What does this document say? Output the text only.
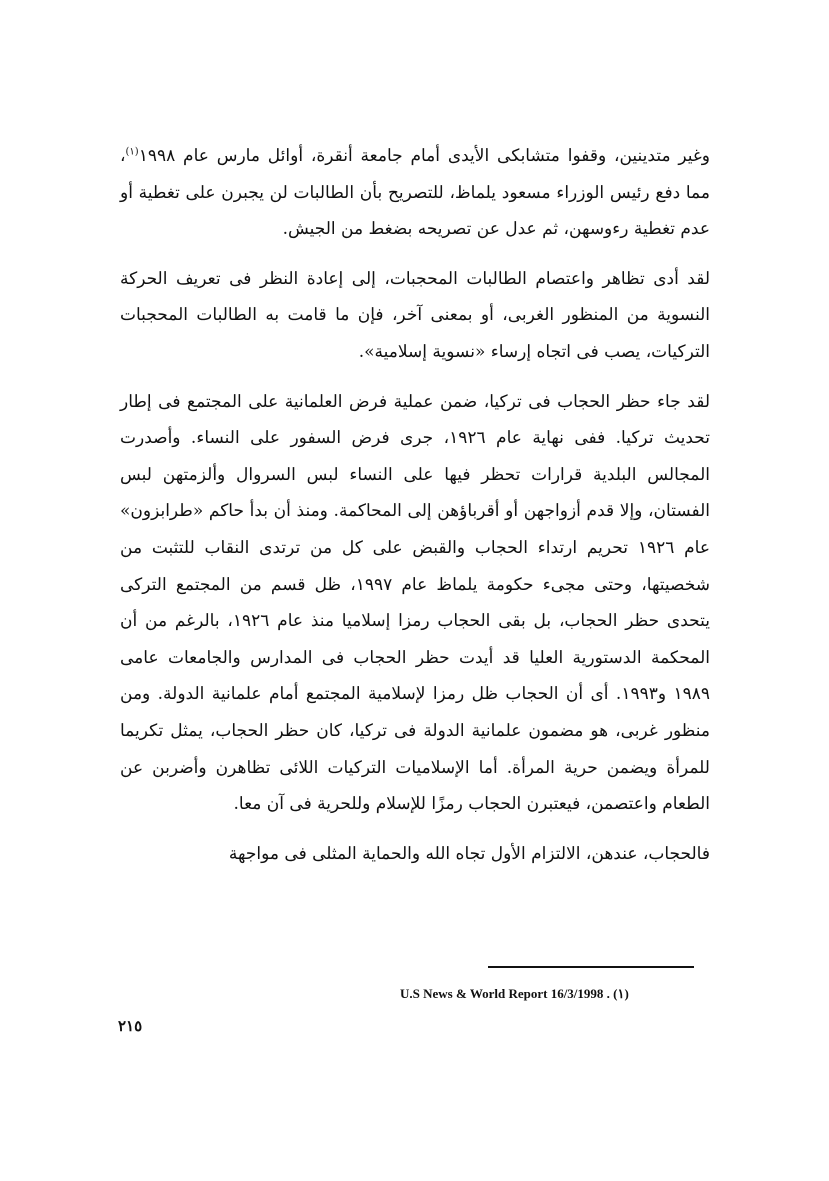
وغير متدينين، وقفوا متشابكى الأيدى أمام جامعة أنقرة، أوائل مارس عام ١٩٩٨$^{(١)}$، مما دفع رئيس الوزراء مسعود يلماظ، للتصريح بأن الطالبات لن يجبرن على تغطية أو عدم تغطية رءوسهن، ثم عدل عن تصريحه بضغط من الجيش.

لقد أدى تظاهر واعتصام الطالبات المحجبات، إلى إعادة النظر فى تعريف الحركة النسوية من المنظور الغربى، أو بمعنى آخر، فإن ما قامت به الطالبات المحجبات التركيات، يصب فى اتجاه إرساء «نسوية إسلامية».

لقد جاء حظر الحجاب فى تركيا، ضمن عملية فرض العلمانية على المجتمع فى إطار تحديث تركيا. ففى نهاية عام ١٩٢٦، جرى فرض السفور على النساء. وأصدرت المجالس البلدية قرارات تحظر فيها على النساء لبس السروال وألزمتهن لبس الفستان، وإلا قدم أزواجهن أو أقرباؤهن إلى المحاكمة. ومنذ أن بدأ حاكم «طرابزون» عام ١٩٢٦ تحريم ارتداء الحجاب والقبض على كل من ترتدى النقاب للتثبت من شخصيتها، وحتى مجىء حكومة يلماظ عام ١٩٩٧، ظل قسم من المجتمع التركى يتحدى حظر الحجاب، بل بقى الحجاب رمزا إسلاميا منذ عام ١٩٢٦، بالرغم من أن المحكمة الدستورية العليا قد أيدت حظر الحجاب فى المدارس والجامعات عامى ١٩٨٩ و١٩٩٣. أى أن الحجاب ظل رمزا لإسلامية المجتمع أمام علمانية الدولة. ومن منظور غربى، هو مضمون علمانية الدولة فى تركيا، كان حظر الحجاب، يمثل تكريما للمرأة ويضمن حرية المرأة. أما الإسلاميات التركيات اللائى تظاهرن وأضربن عن الطعام واعتصمن، فيعتبرن الحجاب رمزًا للإسلام وللحرية فى آن معا.

فالحجاب، عندهن، الالتزام الأول تجاه الله والحماية المثلى فى مواجهة

U.S News & World Report 16/3/1998 . (١)

٢١٥
